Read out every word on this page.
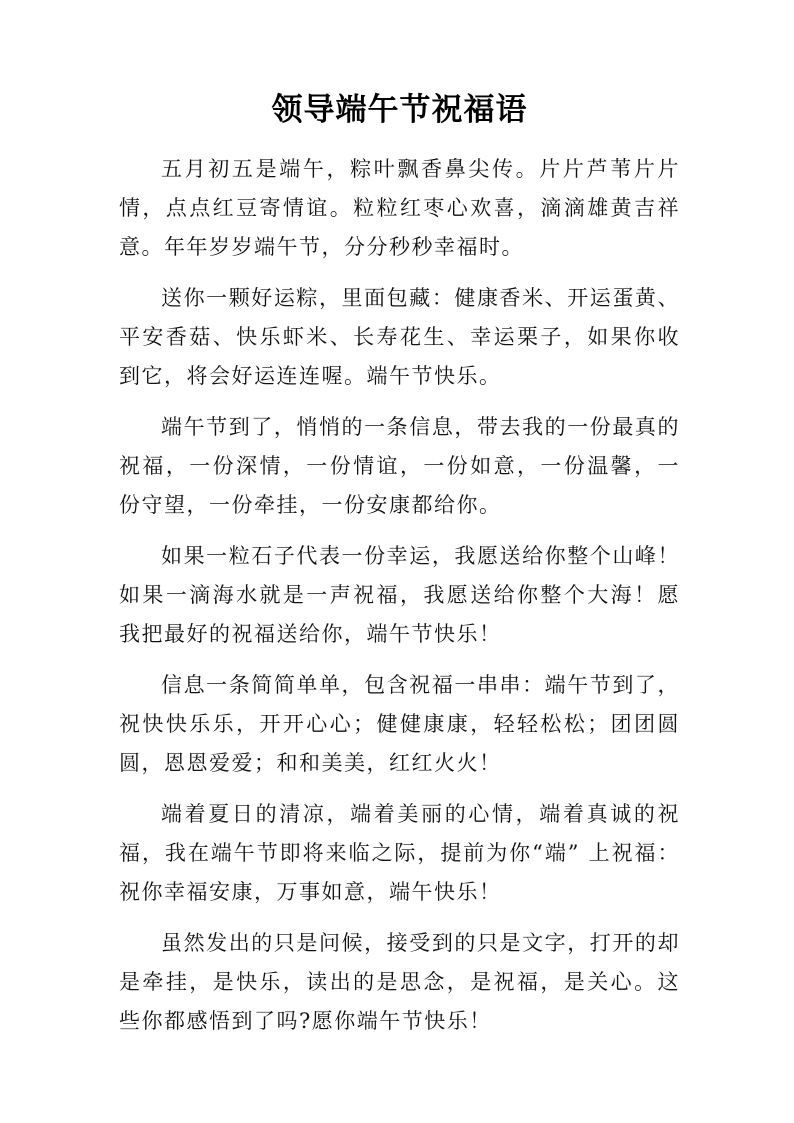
领导端午节祝福语

五月初五是端午，粽叶飘香鼻尖传。片片芦苇片片情，点点红豆寄情谊。粒粒红枣心欢喜，滴滴雄黄吉祥意。年年岁岁端午节，分分秒秒幸福时。

送你一颗好运粽，里面包藏：健康香米、开运蛋黄、平安香菇、快乐虾米、长寿花生、幸运栗子，如果你收到它，将会好运连连喔。端午节快乐。

端午节到了，悄悄的一条信息，带去我的一份最真的祝福，一份深情，一份情谊，一份如意，一份温馨，一份守望，一份牵挂，一份安康都给你。

如果一粒石子代表一份幸运，我愿送给你整个山峰！如果一滴海水就是一声祝福，我愿送给你整个大海！愿我把最好的祝福送给你，端午节快乐！

信息一条简简单单，包含祝福一串串：端午节到了，祝快快乐乐，开开心心；健健康康，轻轻松松；团团圆圆，恩恩爱爱；和和美美，红红火火！

端着夏日的清凉，端着美丽的心情，端着真诚的祝福，我在端午节即将来临之际，提前为你“端” 上祝福：祝你幸福安康，万事如意，端午快乐！

虽然发出的只是问候，接受到的只是文字，打开的却是牵挂，是快乐，读出的是思念，是祝福，是关心。这些你都感悟到了吗?愿你端午节快乐！
